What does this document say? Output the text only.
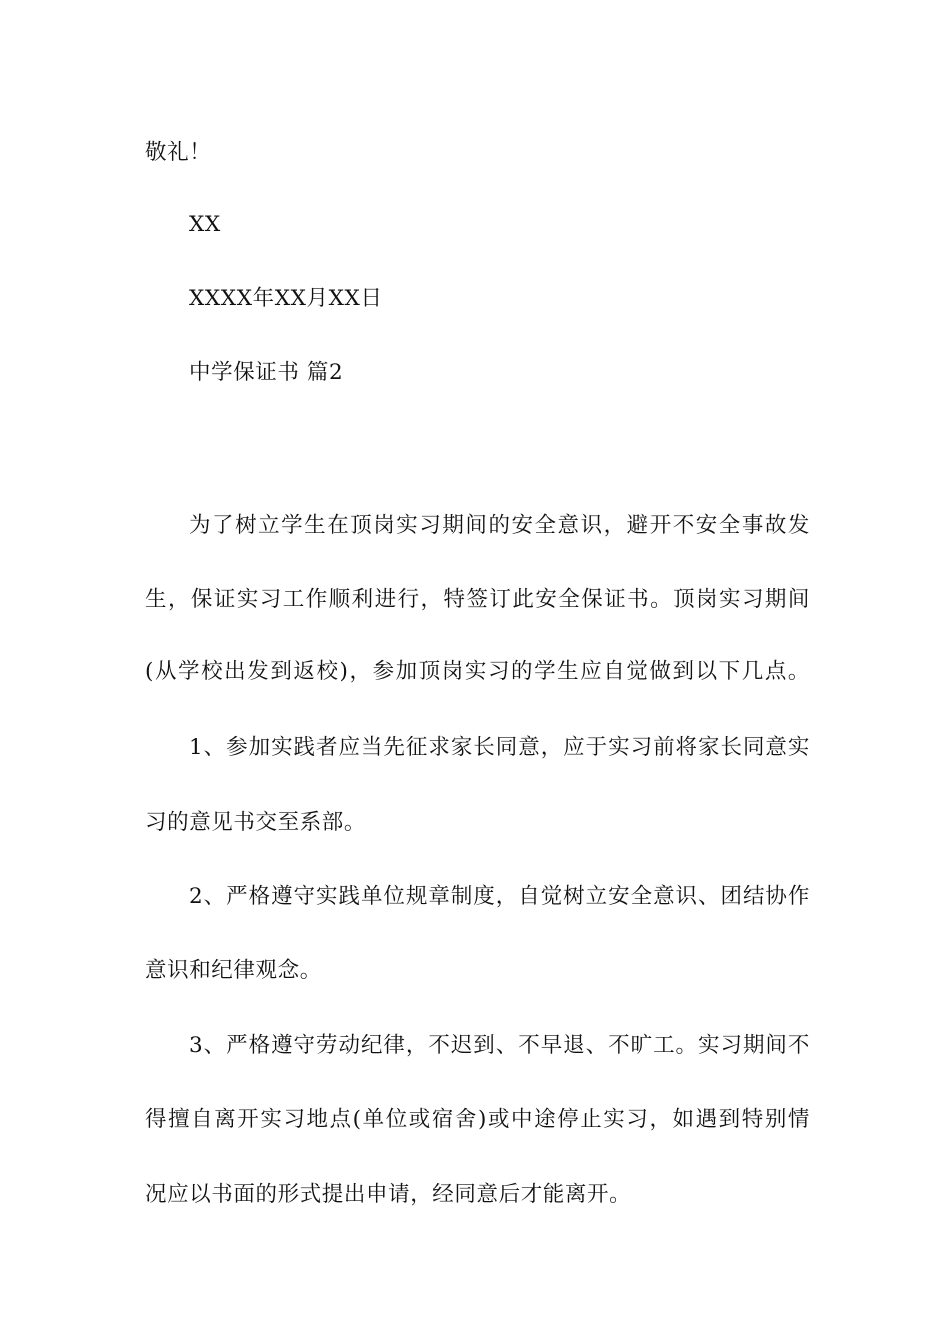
敬礼！
XX
XXXX年XX月XX日
中学保证书 篇2
为了树立学生在顶岗实习期间的安全意识，避开不安全事故发
生，保证实习工作顺利进行，特签订此安全保证书。顶岗实习期间
(从学校出发到返校)，参加顶岗实习的学生应自觉做到以下几点。
1、参加实践者应当先征求家长同意，应于实习前将家长同意实
习的意见书交至系部。
2、严格遵守实践单位规章制度，自觉树立安全意识、团结协作
意识和纪律观念。
3、严格遵守劳动纪律，不迟到、不早退、不旷工。实习期间不
得擅自离开实习地点(单位或宿舍)或中途停止实习，如遇到特别情
况应以书面的形式提出申请，经同意后才能离开。
